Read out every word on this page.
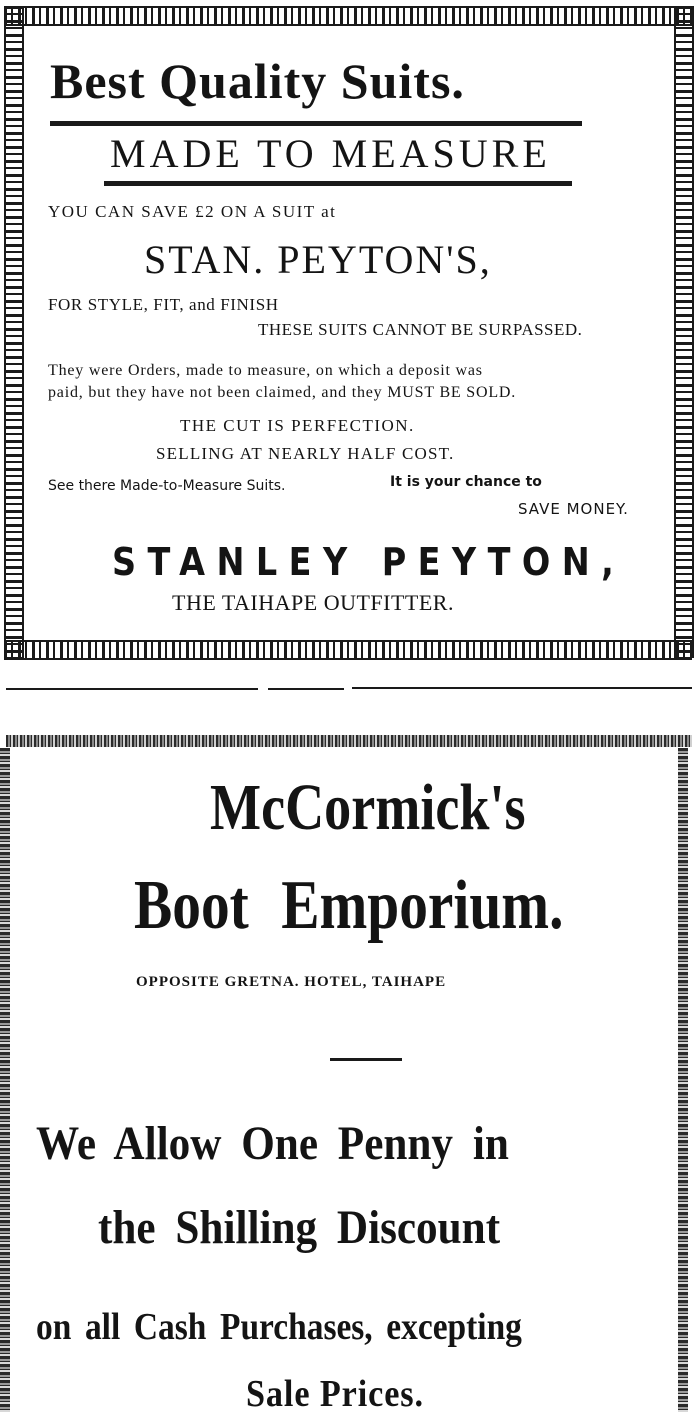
Best Quality Suits.
MADE TO MEASURE
YOU CAN SAVE £2 ON A SUIT at
STAN. PEYTON'S,
FOR STYLE, FIT, and FINISH
THESE SUITS CANNOT BE SURPASSED.
They were Orders, made to measure, on which a deposit was
paid, but they have not been claimed, and they MUST BE SOLD.
THE CUT IS PERFECTION.
SELLING AT NEARLY HALF COST.
See there Made-to-Measure Suits.	It is your chance to
SAVE MONEY.
STANLEY PEYTON,
THE TAIHAPE OUTFITTER.
McCormick's
Boot Emporium.
OPPOSITE GRETNA. HOTEL, TAIHAPE
We Allow One Penny in
the Shilling Discount
on all Cash Purchases, excepting
Sale Prices.
